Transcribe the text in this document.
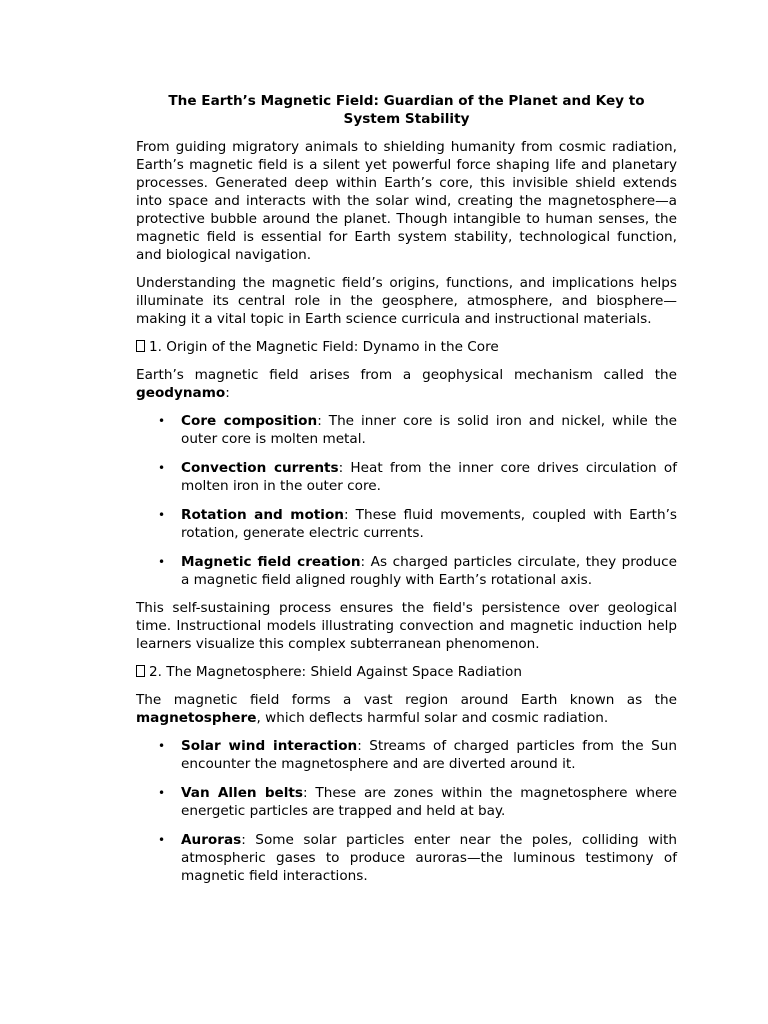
The Earth’s Magnetic Field: Guardian of the Planet and Key to System Stability

From guiding migratory animals to shielding humanity from cosmic radiation, Earth’s magnetic field is a silent yet powerful force shaping life and planetary processes. Generated deep within Earth’s core, this invisible shield extends into space and interacts with the solar wind, creating the magnetosphere—a protective bubble around the planet. Though intangible to human senses, the magnetic field is essential for Earth system stability, technological function, and biological navigation.

Understanding the magnetic field’s origins, functions, and implications helps illuminate its central role in the geosphere, atmosphere, and biosphere—making it a vital topic in Earth science curricula and instructional materials.

1. Origin of the Magnetic Field: Dynamo in the Core

Earth’s magnetic field arises from a geophysical mechanism called the geodynamo:

• Core composition: The inner core is solid iron and nickel, while the outer core is molten metal.
• Convection currents: Heat from the inner core drives circulation of molten iron in the outer core.
• Rotation and motion: These fluid movements, coupled with Earth’s rotation, generate electric currents.
• Magnetic field creation: As charged particles circulate, they produce a magnetic field aligned roughly with Earth’s rotational axis.

This self-sustaining process ensures the field's persistence over geological time. Instructional models illustrating convection and magnetic induction help learners visualize this complex subterranean phenomenon.

2. The Magnetosphere: Shield Against Space Radiation

The magnetic field forms a vast region around Earth known as the magnetosphere, which deflects harmful solar and cosmic radiation.

• Solar wind interaction: Streams of charged particles from the Sun encounter the magnetosphere and are diverted around it.
• Van Allen belts: These are zones within the magnetosphere where energetic particles are trapped and held at bay.
• Auroras: Some solar particles enter near the poles, colliding with atmospheric gases to produce auroras—the luminous testimony of magnetic field interactions.
